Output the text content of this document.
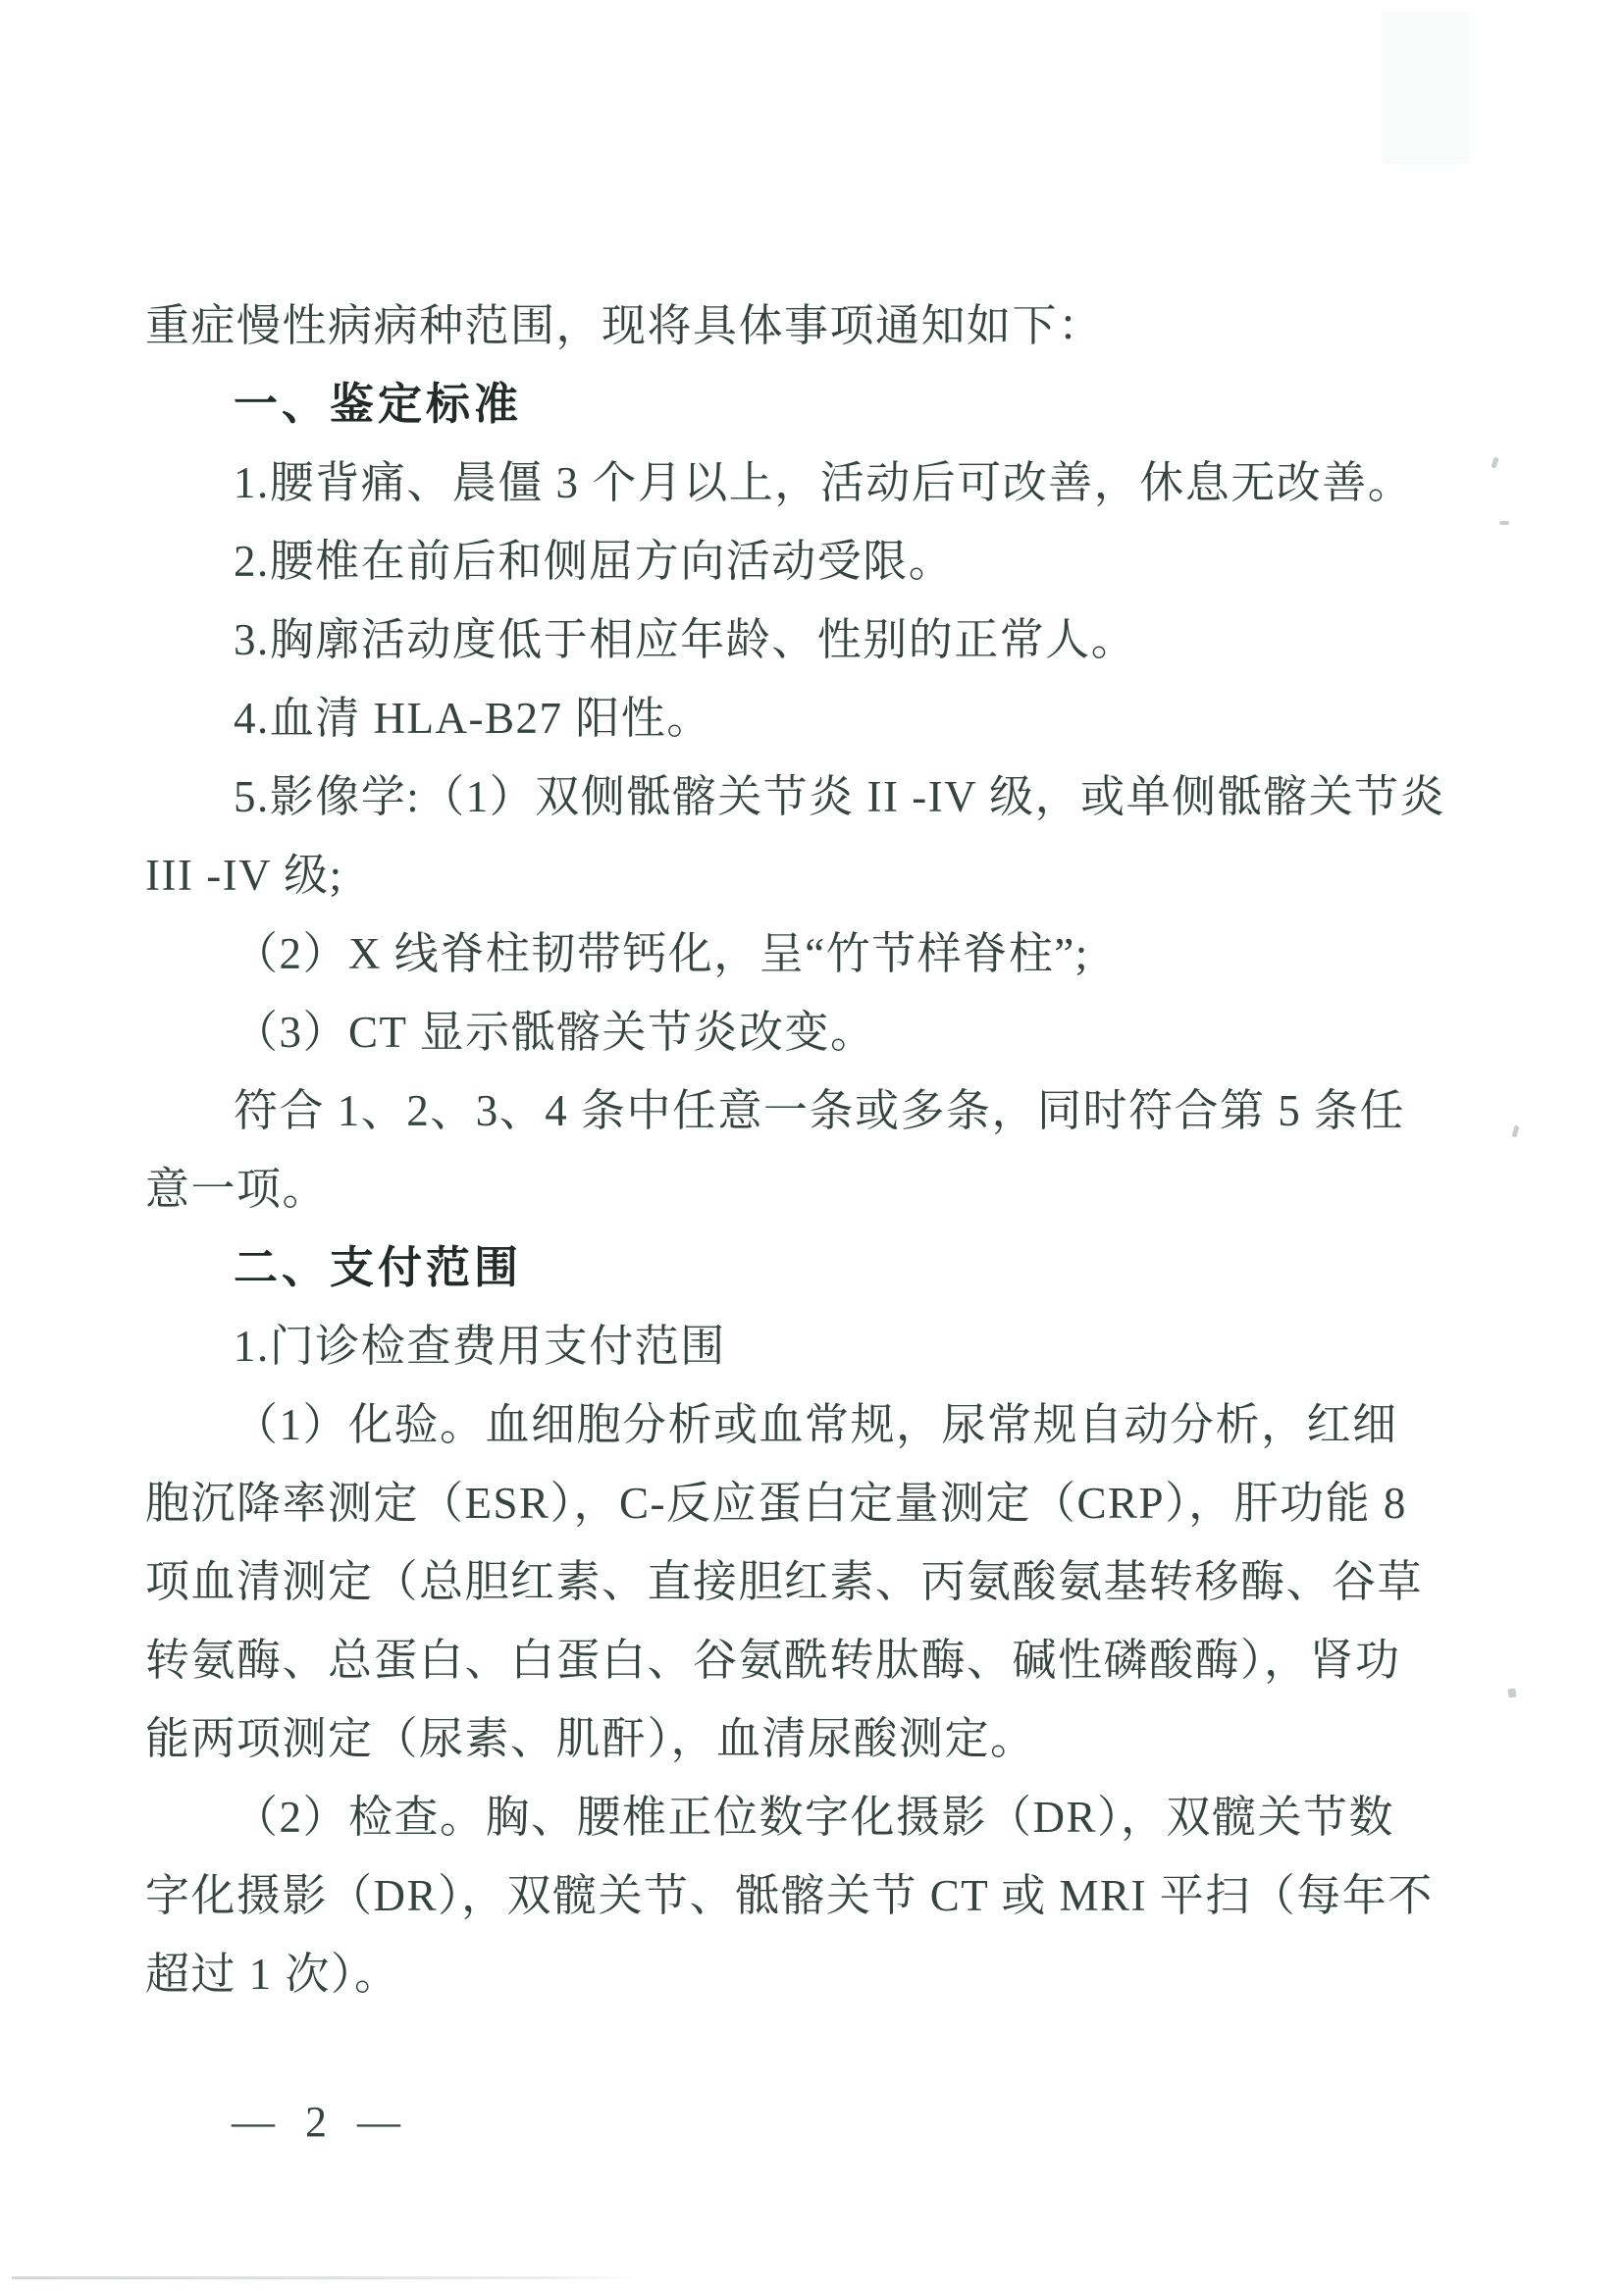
重症慢性病病种范围，现将具体事项通知如下：
一、鉴定标准
1.腰背痛、晨僵 3 个月以上，活动后可改善，休息无改善。
2.腰椎在前后和侧屈方向活动受限。
3.胸廓活动度低于相应年龄、性别的正常人。
4.血清 HLA-B27 阳性。
5.影像学:（1）双侧骶髂关节炎 II -IV 级，或单侧骶髂关节炎
III -IV 级;
（2）X 线脊柱韧带钙化，呈“竹节样脊柱”;
（3）CT 显示骶髂关节炎改变。
符合 1、2、3、4 条中任意一条或多条，同时符合第 5 条任
意一项。
二、支付范围
1.门诊检查费用支付范围
（1）化验。血细胞分析或血常规，尿常规自动分析，红细
胞沉降率测定（ESR），C-反应蛋白定量测定（CRP），肝功能 8
项血清测定（总胆红素、直接胆红素、丙氨酸氨基转移酶、谷草
转氨酶、总蛋白、白蛋白、谷氨酰转肽酶、碱性磷酸酶），肾功
能两项测定（尿素、肌酐），血清尿酸测定。
（2）检查。胸、腰椎正位数字化摄影（DR），双髋关节数
字化摄影（DR），双髋关节、骶髂关节 CT 或 MRI 平扫（每年不
超过 1 次）。
— 2 —
